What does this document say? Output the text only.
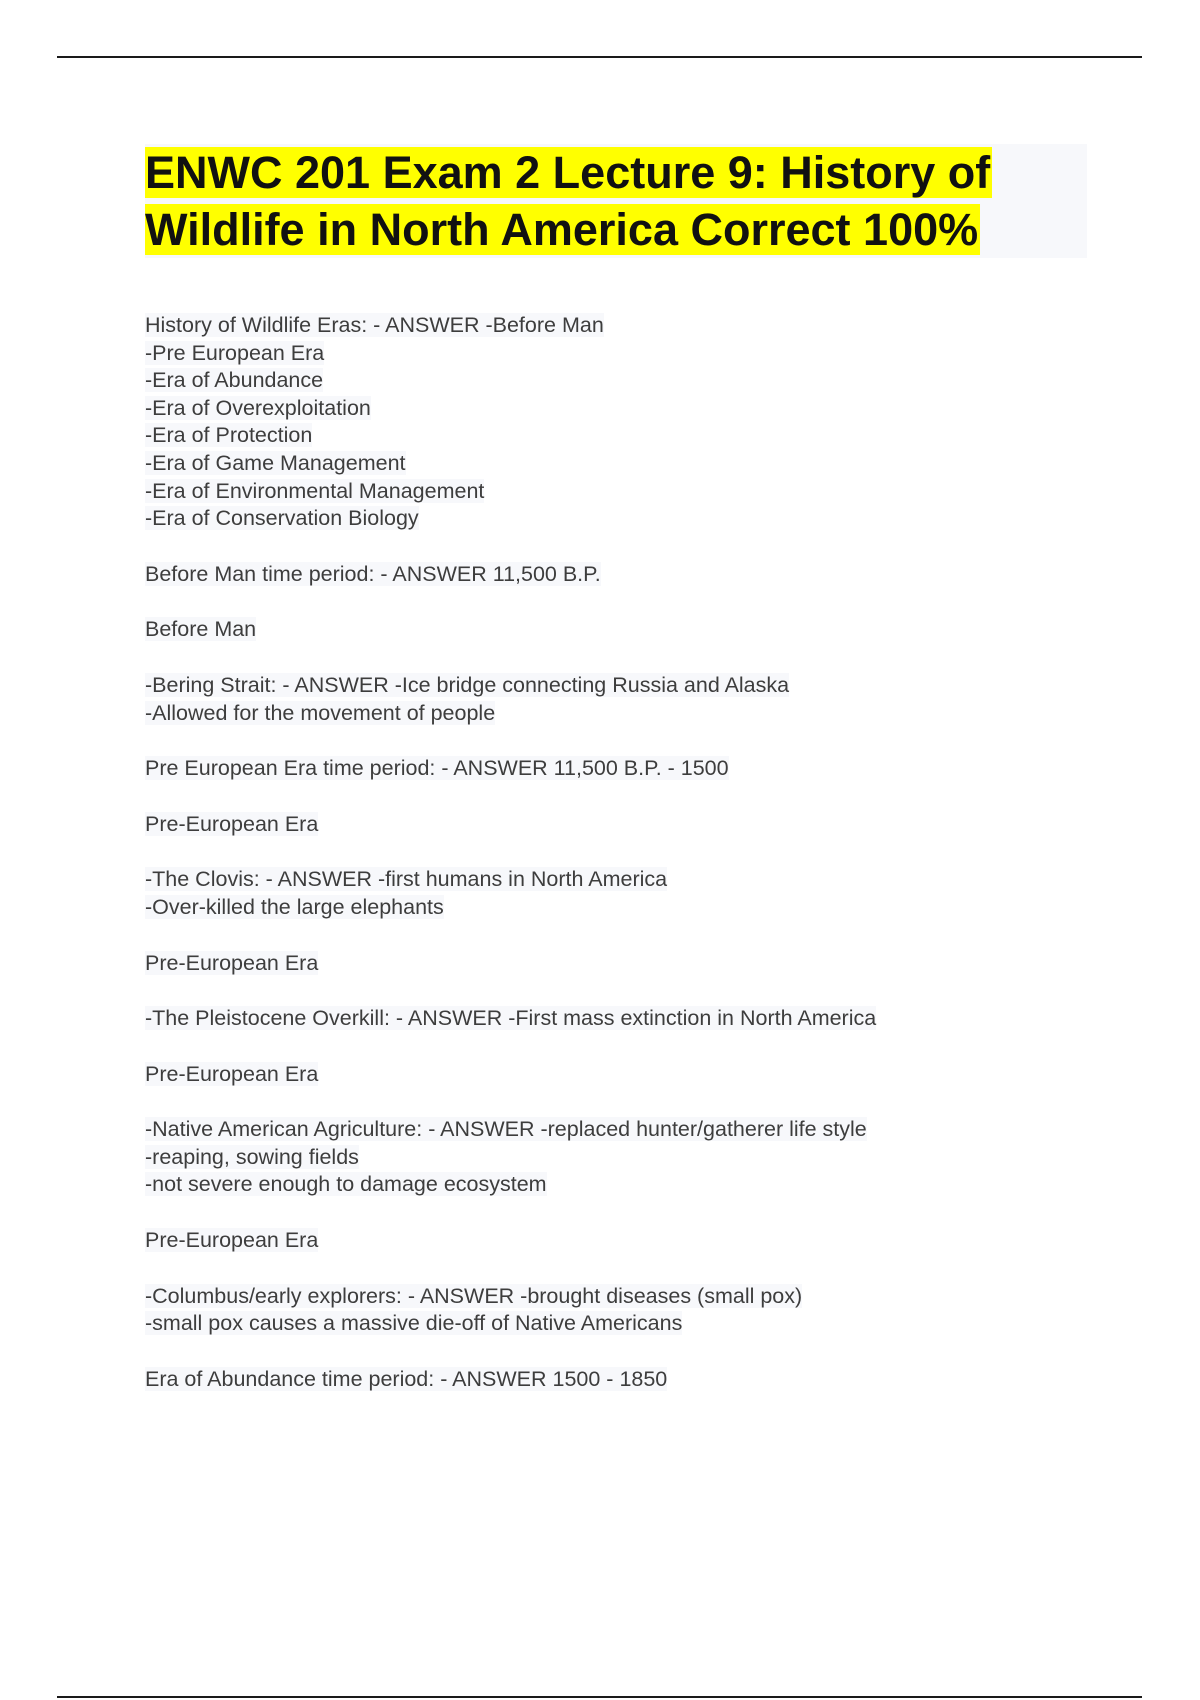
ENWC 201 Exam 2 Lecture 9: History of
Wildlife in North America Correct 100%
History of Wildlife Eras: - ANSWER -Before Man
-Pre European Era
-Era of Abundance
-Era of Overexploitation
-Era of Protection
-Era of Game Management
-Era of Environmental Management
-Era of Conservation Biology
Before Man time period: - ANSWER 11,500 B.P.
Before Man
-Bering Strait: - ANSWER -Ice bridge connecting Russia and Alaska
-Allowed for the movement of people
Pre European Era time period: - ANSWER 11,500 B.P. - 1500
Pre-European Era
-The Clovis: - ANSWER -first humans in North America
-Over-killed the large elephants
Pre-European Era
-The Pleistocene Overkill: - ANSWER -First mass extinction in North America
Pre-European Era
-Native American Agriculture: - ANSWER -replaced hunter/gatherer life style
-reaping, sowing fields
-not severe enough to damage ecosystem
Pre-European Era
-Columbus/early explorers: - ANSWER -brought diseases (small pox)
-small pox causes a massive die-off of Native Americans
Era of Abundance time period: - ANSWER 1500 - 1850
